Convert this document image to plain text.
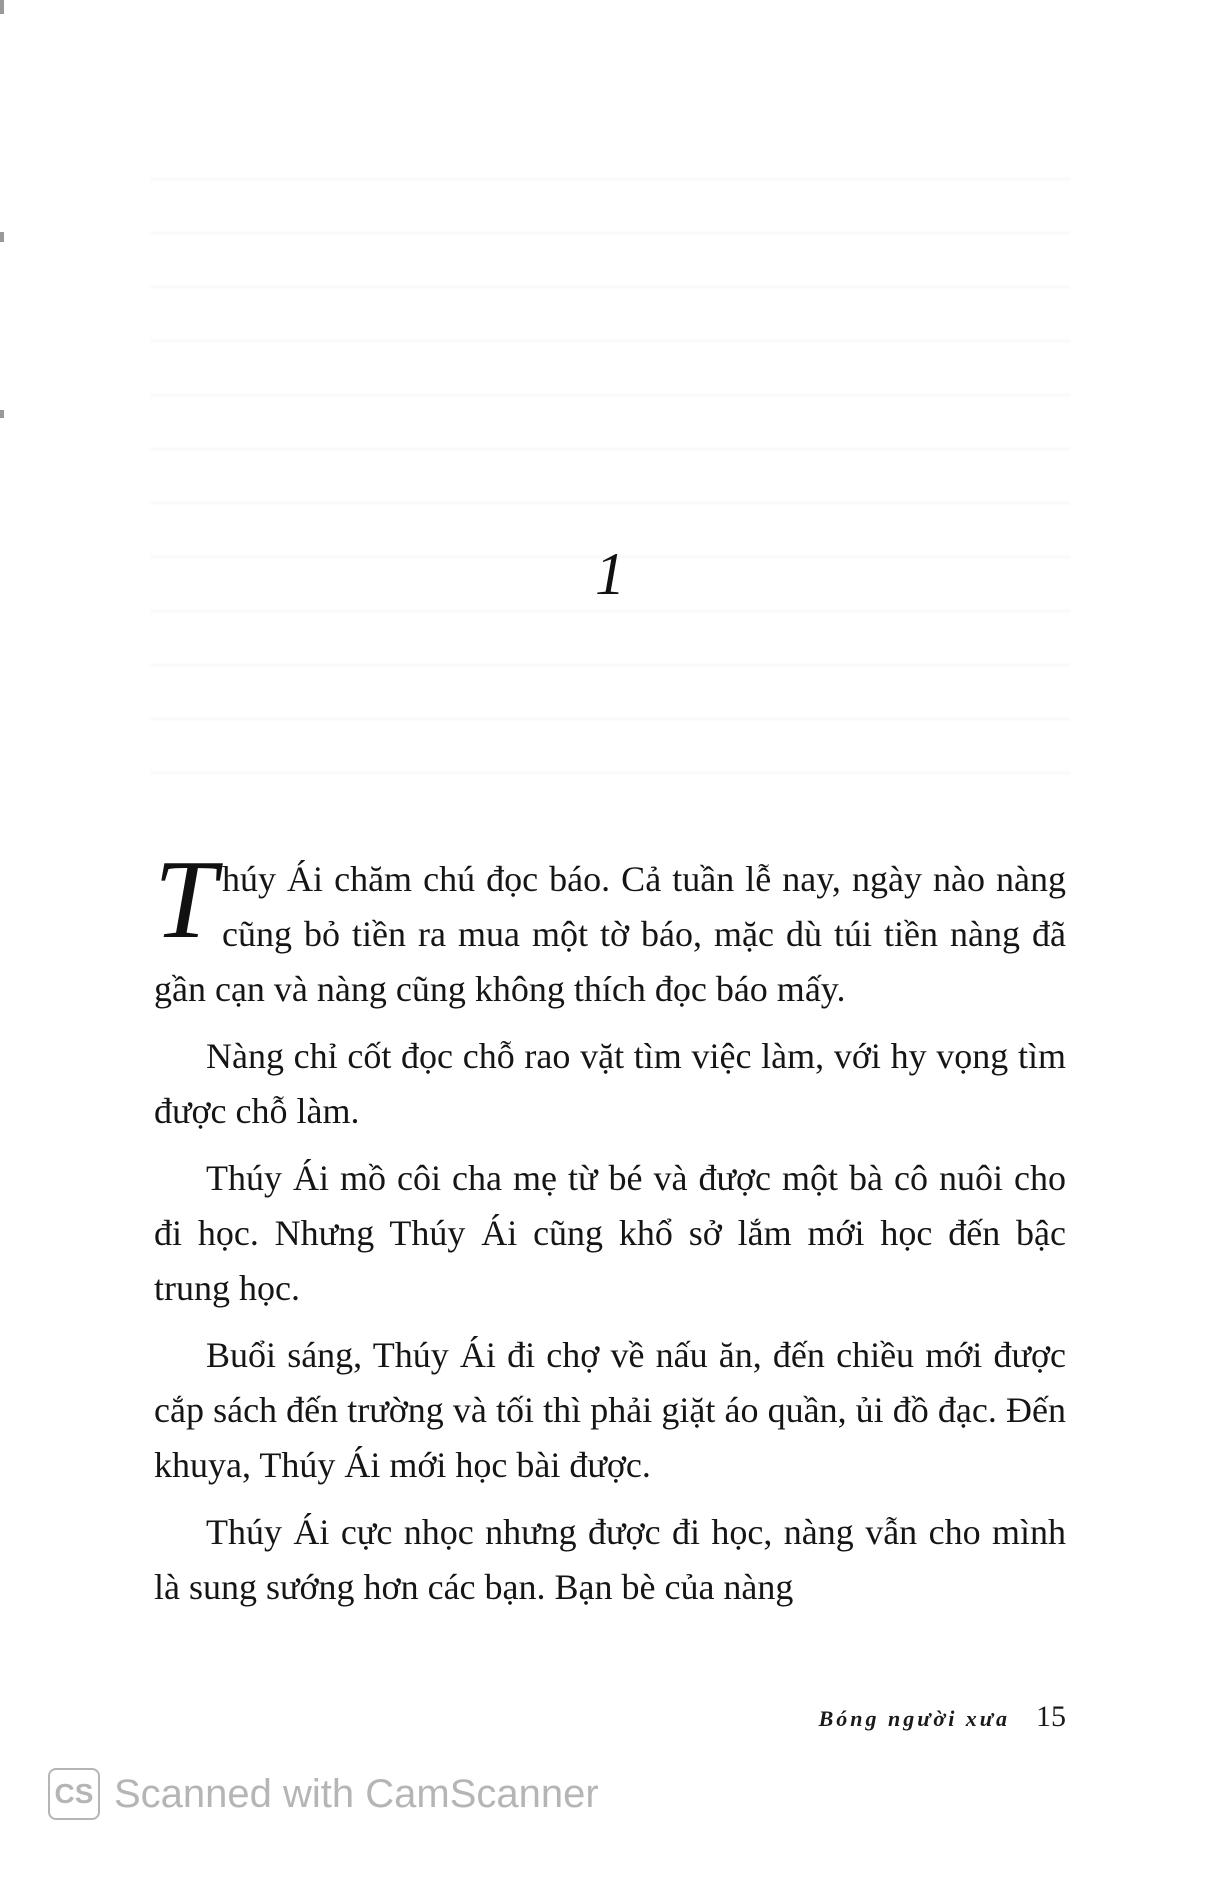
1

T húy Ái chăm chú đọc báo. Cả tuần lễ nay, ngày nào nàng cũng bỏ tiền ra mua một tờ báo, mặc dù túi tiền nàng đã gần cạn và nàng cũng không thích đọc báo mấy.

Nàng chỉ cốt đọc chỗ rao vặt tìm việc làm, với hy vọng tìm được chỗ làm.

Thúy Ái mồ côi cha mẹ từ bé và được một bà cô nuôi cho đi học. Nhưng Thúy Ái cũng khổ sở lắm mới học đến bậc trung học.

Buổi sáng, Thúy Ái đi chợ về nấu ăn, đến chiều mới được cắp sách đến trường và tối thì phải giặt áo quần, ủi đồ đạc. Đến khuya, Thúy Ái mới học bài được.

Thúy Ái cực nhọc nhưng được đi học, nàng vẫn cho mình là sung sướng hơn các bạn. Bạn bè của nàng

Bóng người xưa 15
CS Scanned with CamScanner
